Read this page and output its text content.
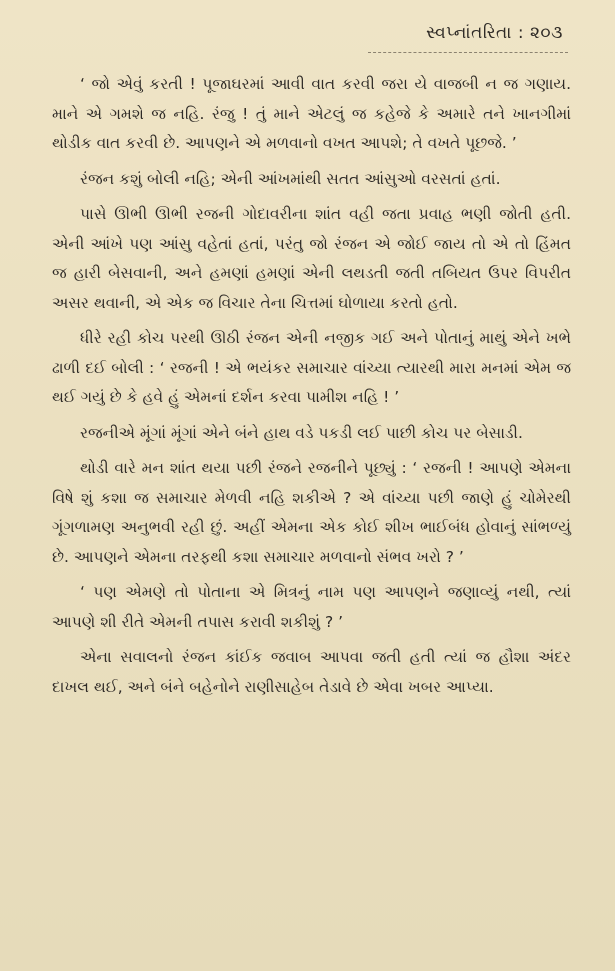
સ્વપ્નાંતરિતા : ૨૦૩

‘ જો એવું કરતી ! પૂજાઘરમાં આવી વાત કરવી જરા યે વાજબી ન જ ગણાય. માને એ ગમશે જ નહિ. રંજુ ! તું માને એટલું જ કહેજે કે અમારે તને ખાનગીમાં થોડીક વાત કરવી છે. આપણને એ મળવાનો વખત આપશે; તે વખતે પૂછજે. ’

રંજન કશું બોલી નહિ; એની આંખમાંથી સતત આંસુઓ વરસતાં હતાં.

પાસે ઊભી ઊભી રજની ગોદાવરીના શાંત વહી જતા પ્રવાહ ભણી જોતી હતી. એની આંખે પણ આંસુ વહેતાં હતાં, પરંતુ જો રંજન એ જોઈ જાય તો એ તો હિંમત જ હારી બેસવાની, અને હમણાં હમણાં એની લથડતી જતી તબિયત ઉપર વિપરીત અસર થવાની, એ એક જ વિચાર તેના ચિત્તમાં ઘોળાયા કરતો હતો.

ધીરે રહી કોચ પરથી ઊઠી રંજન એની નજીક ગઈ અને પોતાનું માથું એને ખભે ઢાળી દઈ બોલી : ‘ રજની ! એ ભયંકર સમાચાર વાંચ્યા ત્યારથી મારા મનમાં એમ જ થઈ ગયું છે કે હવે હું એમનાં દર્શન કરવા પામીશ નહિ ! ’

રજનીએ મૂંગાં મૂંગાં એને બંને હાથ વડે પકડી લઈ પાછી કોચ પર બેસાડી.

થોડી વારે મન શાંત થયા પછી રંજને રજનીને પૂછ્યું : ‘ રજની ! આપણે એમના વિષે શું કશા જ સમાચાર મેળવી નહિ શકીએ ? એ વાંચ્યા પછી જાણે હું ચોમેરથી ગૂંગળામણ અનુભવી રહી છું. અહીં એમના એક કોઈ શીખ ભાઈબંધ હોવાનું સાંભળ્યું છે. આપણને એમના તરફથી કશા સમાચાર મળવાનો સંભવ ખરો ? ’

‘ પણ એમણે તો પોતાના એ મિત્રનું નામ પણ આપણને જણાવ્યું નથી, ત્યાં આપણે શી રીતે એમની તપાસ કરાવી શકીશું ? ’

એના સવાલનો રંજન કાંઈક જવાબ આપવા જતી હતી ત્યાં જ હૌશા અંદર દાખલ થઈ, અને બંને બહેનોને રાણીસાહેબ તેડાવે છે એવા ખબર આપ્યા.
